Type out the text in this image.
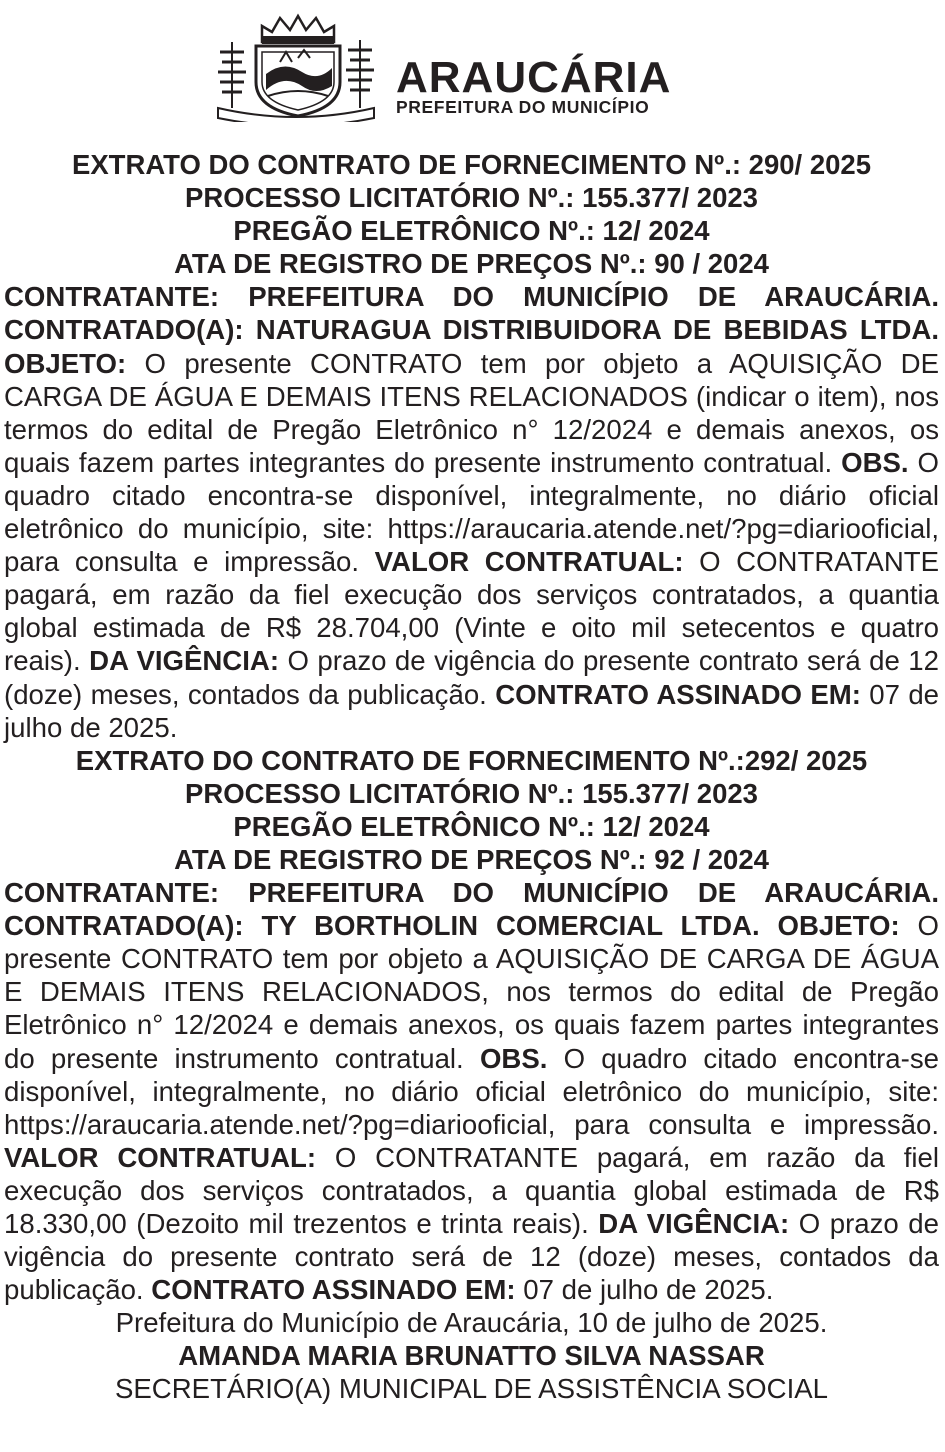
ARAUCÁRIA
PREFEITURA DO MUNICÍPIO

EXTRATO DO CONTRATO DE FORNECIMENTO Nº.: 290/ 2025

PROCESSO LICITATÓRIO Nº.: 155.377/ 2023

PREGÃO ELETRÔNICO Nº.: 12/ 2024

ATA DE REGISTRO DE PREÇOS Nº.: 90 / 2024

CONTRATANTE: PREFEITURA DO MUNICÍPIO DE ARAUCÁRIA. CONTRATADO(A): NATURAGUA DISTRIBUIDORA DE BEBIDAS LTDA. OBJETO: O presente CONTRATO tem por objeto a AQUISIÇÃO DE CARGA DE ÁGUA E DEMAIS ITENS RELACIONADOS (indicar o item), nos termos do edital de Pregão Eletrônico n° 12/2024 e demais anexos, os quais fazem partes integrantes do presente instrumento contratual. OBS. O quadro citado encontra-se disponível, integralmente, no diário oficial eletrônico do município, site: https://araucaria.atende.net/?pg=diariooficial, para consulta e impressão. VALOR CONTRATUAL: O CONTRATANTE pagará, em razão da fiel execução dos serviços contratados, a quantia global estimada de R$ 28.704,00 (Vinte e oito mil setecentos e quatro reais). DA VIGÊNCIA: O prazo de vigência do presente contrato será de 12 (doze) meses, contados da publicação. CONTRATO ASSINADO EM: 07 de julho de 2025.

EXTRATO DO CONTRATO DE FORNECIMENTO Nº.:292/ 2025

PROCESSO LICITATÓRIO Nº.: 155.377/ 2023

PREGÃO ELETRÔNICO Nº.: 12/ 2024

ATA DE REGISTRO DE PREÇOS Nº.: 92 / 2024

CONTRATANTE: PREFEITURA DO MUNICÍPIO DE ARAUCÁRIA. CONTRATADO(A): TY BORTHOLIN COMERCIAL LTDA. OBJETO: O presente CONTRATO tem por objeto a AQUISIÇÃO DE CARGA DE ÁGUA E DEMAIS ITENS RELACIONADOS, nos termos do edital de Pregão Eletrônico n° 12/2024 e demais anexos, os quais fazem partes integrantes do presente instrumento contratual. OBS. O quadro citado encontra-se disponível, integralmente, no diário oficial eletrônico do município, site: https://araucaria.atende.net/?pg=diariooficial, para consulta e impressão. VALOR CONTRATUAL: O CONTRATANTE pagará, em razão da fiel execução dos serviços contratados, a quantia global estimada de R$ 18.330,00 (Dezoito mil trezentos e trinta reais). DA VIGÊNCIA: O prazo de vigência do presente contrato será de 12 (doze) meses, contados da publicação. CONTRATO ASSINADO EM: 07 de julho de 2025.

Prefeitura do Município de Araucária, 10 de julho de 2025.

AMANDA MARIA BRUNATTO SILVA NASSAR

SECRETÁRIO(A) MUNICIPAL DE ASSISTÊNCIA SOCIAL
